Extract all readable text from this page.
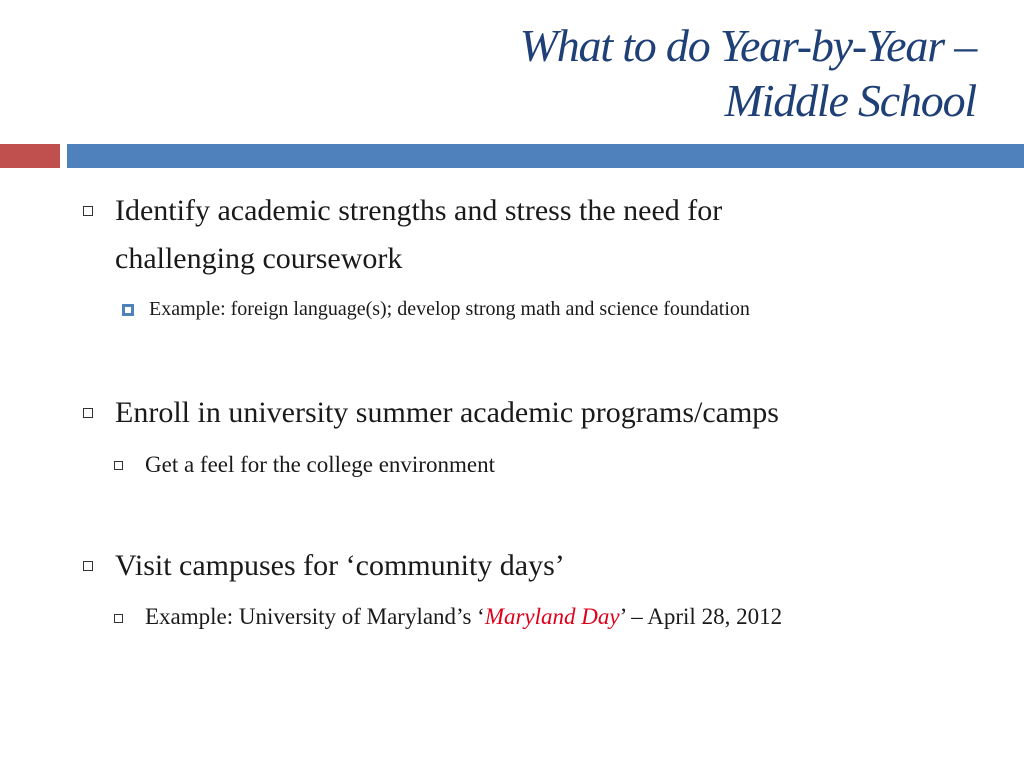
What to do Year-by-Year –
Middle School
Identify academic strengths and stress the need for
challenging coursework
Example: foreign language(s); develop strong math and science foundation
Enroll in university summer academic programs/camps
Get a feel for the college environment
Visit campuses for ‘community days’
Example: University of Maryland’s ‘Maryland Day’ – April 28, 2012
